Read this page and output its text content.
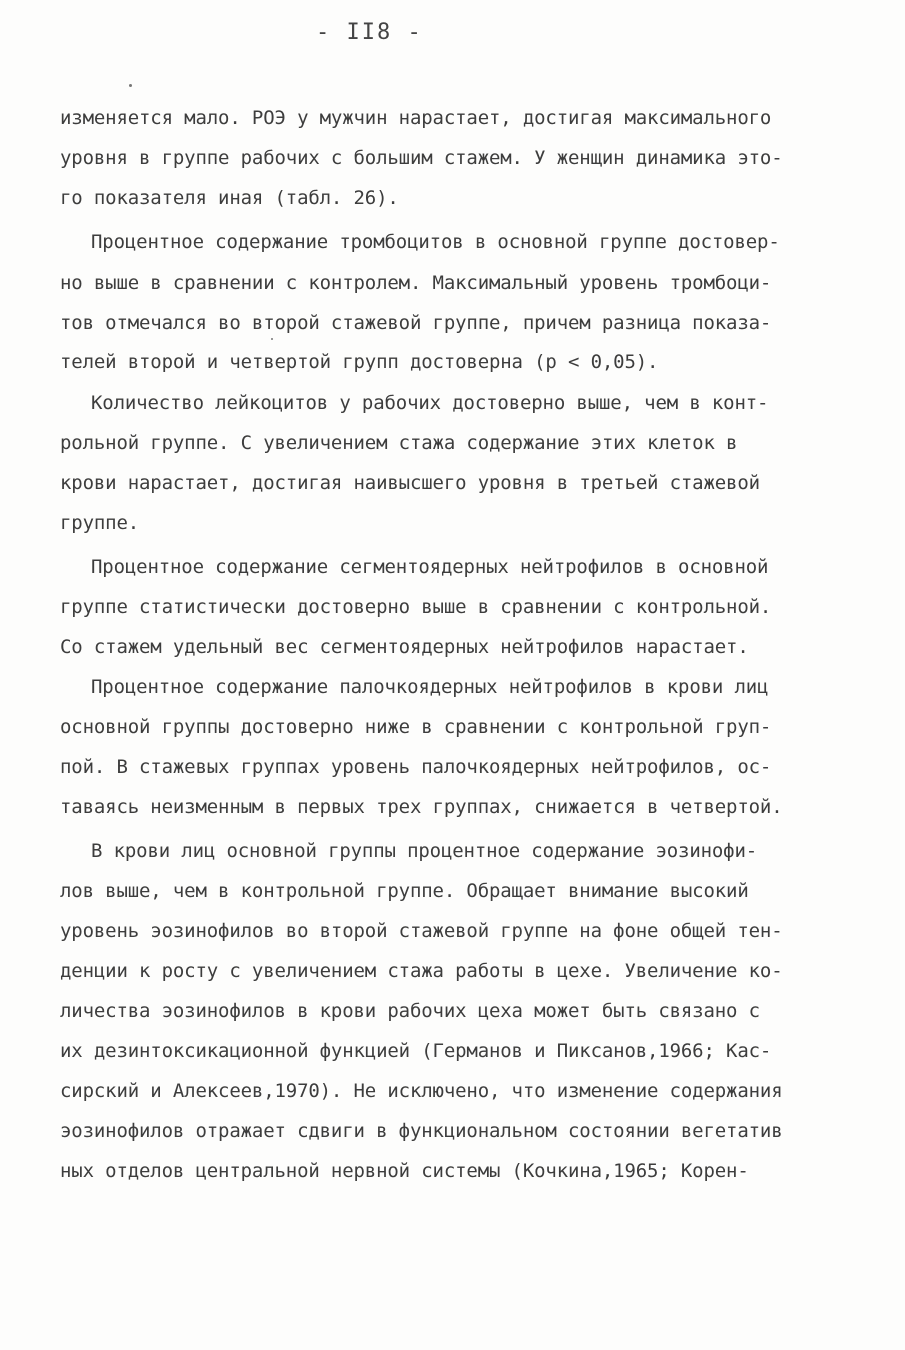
- II8 -
изменяется мало. РОЭ у мужчин нарастает, достигая максимального
уровня в группе рабочих с большим стажем. У женщин динамика это-
го показателя иная (табл. 26).
Процентное содержание тромбоцитов в основной группе достовер-
но выше в сравнении с контролем. Максимальный уровень тромбоци-
тов отмечался во второй стажевой группе, причем разница показа-
телей второй и четвертой групп достоверна (р < 0,05).
Количество лейкоцитов у рабочих достоверно выше, чем в конт-
рольной группе. С увеличением стажа содержание этих клеток в
крови нарастает, достигая наивысшего уровня в третьей стажевой
группе.
Процентное содержание сегментоядерных нейтрофилов в основной
группе статистически достоверно выше в сравнении с контрольной.
Со стажем удельный вес сегментоядерных нейтрофилов нарастает.
Процентное содержание палочкоядерных нейтрофилов в крови лиц
основной группы достоверно ниже в сравнении с контрольной груп-
пой. В стажевых группах уровень палочкоядерных нейтрофилов, ос-
таваясь неизменным в первых трех группах, снижается в четвертой.
В крови лиц основной группы процентное содержание эозинофи-
лов выше, чем в контрольной группе. Обращает внимание высокий
уровень эозинофилов во второй стажевой группе на фоне общей тен-
денции к росту с увеличением стажа работы в цехе. Увеличение ко-
личества эозинофилов в крови рабочих цеха может быть связано с
их дезинтоксикационной функцией (Германов и Пиксанов,1966; Кас-
сирский и Алексеев,1970). Не исключено, что изменение содержания
эозинофилов отражает сдвиги в функциональном состоянии вегетатив
ных отделов центральной нервной системы (Кочкина,1965; Корен-
